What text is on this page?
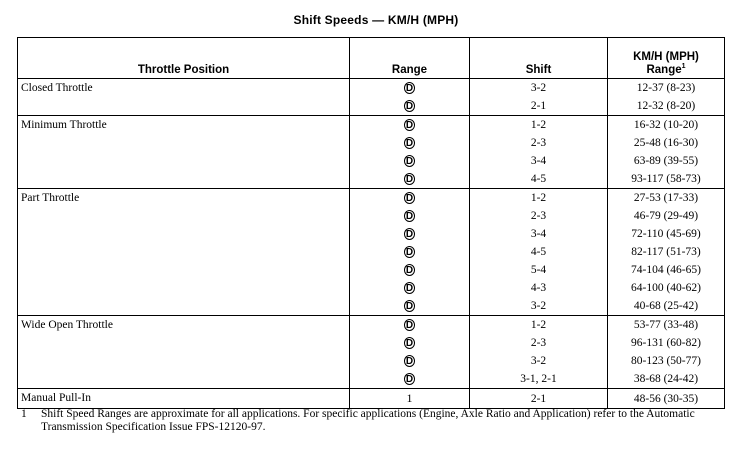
Shift Speeds — KM/H (MPH)
Throttle Position	Range	Shift	KM/H (MPH)
Range$^1$
Closed Throttle	D	3-2	12-37 (8-23)
	D	2-1	12-32 (8-20)
Minimum Throttle	D	1-2	16-32 (10-20)
	D	2-3	25-48 (16-30)
	D	3-4	63-89 (39-55)
	D	4-5	93-117 (58-73)
Part Throttle	D	1-2	27-53 (17-33)
	D	2-3	46-79 (29-49)
	D	3-4	72-110 (45-69)
	D	4-5	82-117 (51-73)
	D	5-4	74-104 (46-65)
	D	4-3	64-100 (40-62)
	D	3-2	40-68 (25-42)
Wide Open Throttle	D	1-2	53-77 (33-48)
	D	2-3	96-131 (60-82)
	D	3-2	80-123 (50-77)
	D	3-1, 2-1	38-68 (24-42)
Manual Pull-In	1	2-1	48-56 (30-35)
1 Shift Speed Ranges are approximate for all applications. For specific applications (Engine, Axle Ratio and Application) refer to the Automatic Transmission Specification Issue FPS-12120-97.
